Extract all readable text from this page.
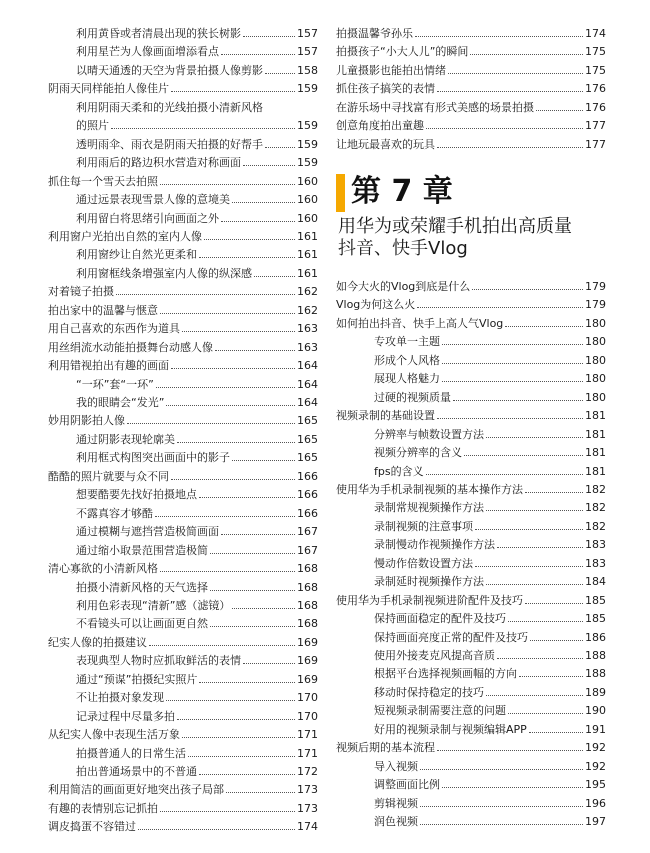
利用黄昏或者清晨出现的狭长树影	157
利用星芒为人像画面增添看点	157
以晴天通透的天空为背景拍摄人像剪影	158
阴雨天同样能拍人像佳片	159
利用阴雨天柔和的光线拍摄小清新风格
的照片	159
透明雨伞、雨衣是阴雨天拍摄的好帮手	159
利用雨后的路边积水营造对称画面	159
抓住每一个雪天去拍照	160
通过远景表现雪景人像的意境美	160
利用留白将思绪引向画面之外	160
利用窗户光拍出自然的室内人像	161
利用窗纱让自然光更柔和	161
利用窗框线条增强室内人像的纵深感	161
对着镜子拍摄	162
拍出家中的温馨与惬意	162
用自己喜欢的东西作为道具	163
用丝绢流水动能拍摄舞台动感人像	163
利用错视拍出有趣的画面	164
“一环”套“一环”	164
我的眼睛会“发光”	164
妙用阴影拍人像	165
通过阴影表现轮廓美	165
利用框式构图突出画面中的影子	165
酷酷的照片就要与众不同	166
想要酷要先找好拍摄地点	166
不露真容才够酷	166
通过模糊与遮挡营造极简画面	167
通过缩小取景范围营造极简	167
清心寡欲的小清新风格	168
拍摄小清新风格的天气选择	168
利用色彩表现“清新”感（滤镜）	168
不看镜头可以让画面更自然	168
纪实人像的拍摄建议	169
表现典型人物时应抓取鲜活的表情	169
通过“预谋”拍摄纪实照片	169
不让拍摄对象发现	170
记录过程中尽量多拍	170
从纪实人像中表现生活万象	171
拍摄普通人的日常生活	171
拍出普通场景中的不普通	172
利用简洁的画面更好地突出孩子局部	173
有趣的表情别忘记抓拍	173
调皮捣蛋不容错过	174
拍摄温馨爷孙乐	174
拍摄孩子“小大人儿”的瞬间	175
儿童摄影也能拍出情绪	175
抓住孩子搞笑的表情	176
在游乐场中寻找富有形式美感的场景拍摄	176
创意角度拍出童趣	177
让地玩最喜欢的玩具	177
第 7 章
用华为或荣耀手机拍出高质量
抖音、快手Vlog
如今大火的Vlog到底是什么	179
Vlog为何这么火	179
如何拍出抖音、快手上高人气Vlog	180
专攻单一主题	180
形成个人风格	180
展现人格魅力	180
过硬的视频质量	180
视频录制的基础设置	181
分辨率与帧数设置方法	181
视频分辨率的含义	181
fps的含义	181
使用华为手机录制视频的基本操作方法	182
录制常规视频操作方法	182
录制视频的注意事项	182
录制慢动作视频操作方法	183
慢动作倍数设置方法	183
录制延时视频操作方法	184
使用华为手机录制视频进阶配件及技巧	185
保持画面稳定的配件及技巧	185
保持画面亮度正常的配件及技巧	186
使用外接麦克风提高音质	188
根据平台选择视频画幅的方向	188
移动时保持稳定的技巧	189
短视频录制需要注意的问题	190
好用的视频录制与视频编辑APP	191
视频后期的基本流程	192
导入视频	192
调整画面比例	195
剪辑视频	196
润色视频	197
